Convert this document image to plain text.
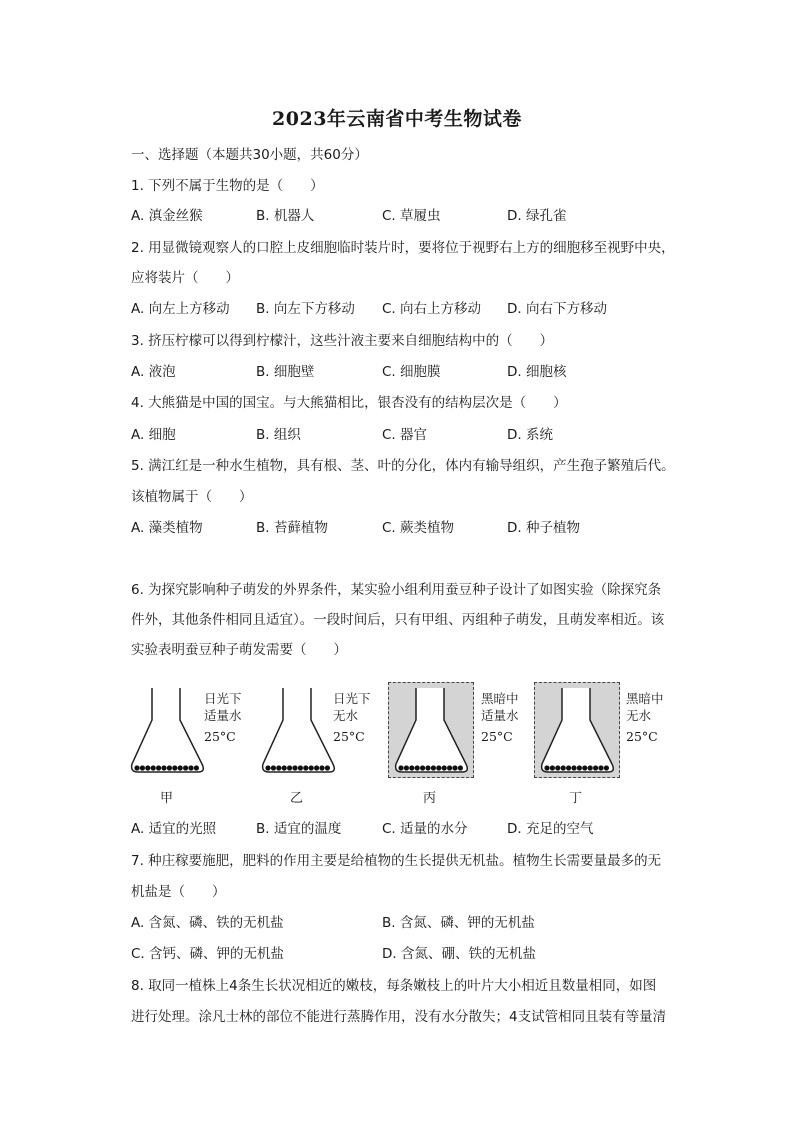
2023年云南省中考生物试卷
一、选择题（本题共30小题，共60分）
1. 下列不属于生物的是（　　）
A. 滇金丝猴	B. 机器人	C. 草履虫	D. 绿孔雀
2. 用显微镜观察人的口腔上皮细胞临时装片时，要将位于视野右上方的细胞移至视野中央，
应将装片（　　）
A. 向左上方移动 B. 向左下方移动 C. 向右上方移动 D. 向右下方移动
3. 挤压柠檬可以得到柠檬汁，这些汁液主要来自细胞结构中的（　　）
A. 液泡	B. 细胞壁	C. 细胞膜	D. 细胞核
4. 大熊猫是中国的国宝。与大熊猫相比，银杏没有的结构层次是（　　）
A. 细胞	B. 组织	C. 器官	D. 系统
5. 满江红是一种水生植物，具有根、茎、叶的分化，体内有输导组织，产生孢子繁殖后代。
该植物属于（　　）
A. 藻类植物	B. 苔藓植物	C. 蕨类植物	D. 种子植物
6. 为探究影响种子萌发的外界条件，某实验小组利用蚕豆种子设计了如图实验（除探究条
件外，其他条件相同且适宜）。一段时间后，只有甲组、丙组种子萌发，且萌发率相近。该
实验表明蚕豆种子萌发需要（　　）
日光下
适量水
25°C
日光下
无水
25°C
黑暗中
适量水
25°C
黑暗中
无水
25°C
甲	乙	丙	丁
A. 适宜的光照	B. 适宜的温度	C. 适量的水分	D. 充足的空气
7. 种庄稼要施肥，肥料的作用主要是给植物的生长提供无机盐。植物生长需要量最多的无
机盐是（　　）
A. 含氮、磷、铁的无机盐	B. 含氮、磷、钾的无机盐
C. 含钙、磷、钾的无机盐	D. 含氮、硼、铁的无机盐
8. 取同一植株上4条生长状况相近的嫩枝，每条嫩枝上的叶片大小相近且数量相同，如图
进行处理。涂凡士林的部位不能进行蒸腾作用，没有水分散失；4支试管相同且装有等量清
